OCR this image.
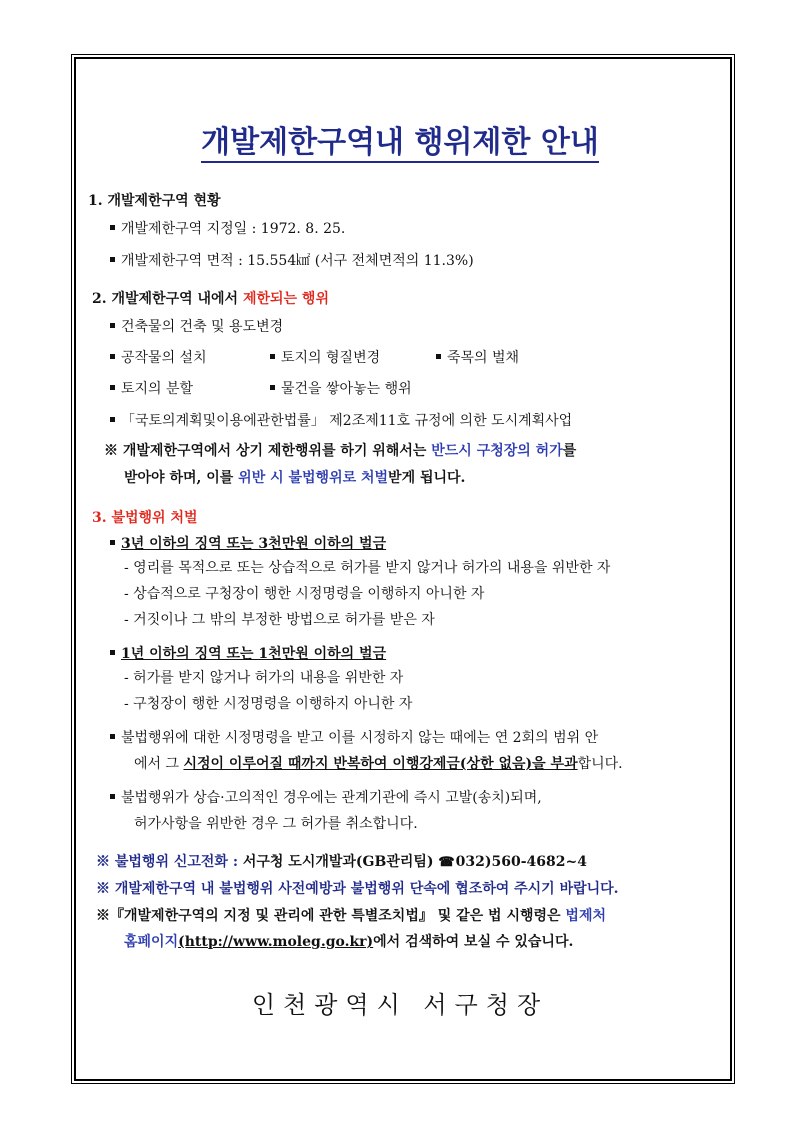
개발제한구역내 행위제한 안내
1. 개발제한구역 현황
개발제한구역 지정일 : 1972. 8. 25.
개발제한구역 면적 : 15.554㎢ (서구 전체면적의 11.3%)
2. 개발제한구역 내에서 제한되는 행위
건축물의 건축 및 용도변경
공작물의 설치	토지의 형질변경	죽목의 벌채
토지의 분할	물건을 쌓아놓는 행위
「국토의계획및이용에관한법률」 제2조제11호 규정에 의한 도시계획사업
※ 개발제한구역에서 상기 제한행위를 하기 위해서는 반드시 구청장의 허가를
받아야 하며, 이를 위반 시 불법행위로 처벌받게 됩니다.
3. 불법행위 처벌
3년 이하의 징역 또는 3천만원 이하의 벌금
- 영리를 목적으로 또는 상습적으로 허가를 받지 않거나 허가의 내용을 위반한 자
- 상습적으로 구청장이 행한 시정명령을 이행하지 아니한 자
- 거짓이나 그 밖의 부정한 방법으로 허가를 받은 자
1년 이하의 징역 또는 1천만원 이하의 벌금
- 허가를 받지 않거나 허가의 내용을 위반한 자
- 구청장이 행한 시정명령을 이행하지 아니한 자
불법행위에 대한 시정명령을 받고 이를 시정하지 않는 때에는 연 2회의 범위 안
에서 그 시정이 이루어질 때까지 반복하여 이행강제금(상한 없음)을 부과합니다.
불법행위가 상습·고의적인 경우에는 관계기관에 즉시 고발(송치)되며,
허가사항을 위반한 경우 그 허가를 취소합니다.
※ 불법행위 신고전화 : 서구청 도시개발과(GB관리팀) ☎032)560-4682~4
※ 개발제한구역 내 불법행위 사전예방과 불법행위 단속에 협조하여 주시기 바랍니다.
※『개발제한구역의 지정 및 관리에 관한 특별조치법』 및 같은 법 시행령은 법제처
홈페이지(http://www.moleg.go.kr)에서 검색하여 보실 수 있습니다.
인천광역시 서구청장
